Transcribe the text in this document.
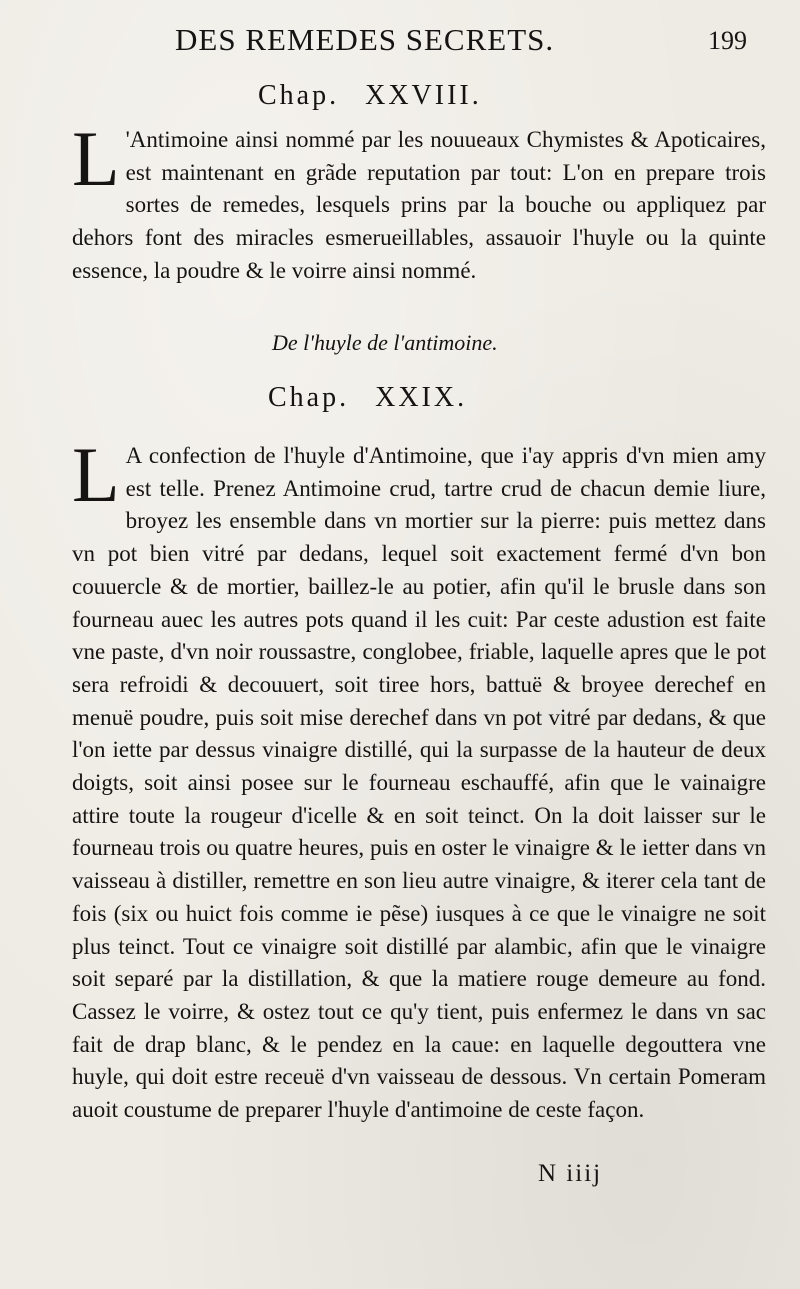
DES REMEDES SECRETS.	199
Chap. XXVIII.
L 'Antimoine ainsi nommé par les nouueaux Chymistes & Apoticaires, est maintenant en grãde reputation par tout: L'on en prepare trois sortes de remedes, lesquels prins par la bouche ou appliquez par dehors font des miracles esmerueillables, assauoir l'huyle ou la quinte essence, la poudre & le voirre ainsi nommé.
De l'huyle de l'antimoine.
Chap. XXIX.
L A confection de l'huyle d'Antimoine, que i'ay appris d'vn mien amy est telle. Prenez Antimoine crud, tartre crud de chacun demie liure, broyez les ensemble dans vn mortier sur la pierre: puis mettez dans vn pot bien vitré par dedans, lequel soit exactement fermé d'vn bon couuercle & de mortier, baillez-le au potier, afin qu'il le brusle dans son fourneau auec les autres pots quand il les cuit: Par ceste adustion est faite vne paste, d'vn noir roussastre, conglobee, friable, laquelle apres que le pot sera refroidi & decouuert, soit tiree hors, battuë & broyee derechef en menuë poudre, puis soit mise derechef dans vn pot vitré par dedans, & que l'on iette par dessus vinaigre distillé, qui la surpasse de la hauteur de deux doigts, soit ainsi posee sur le fourneau eschauffé, afin que le vainaigre attire toute la rougeur d'icelle & en soit teinct. On la doit laisser sur le fourneau trois ou quatre heures, puis en oster le vinaigre & le ietter dans vn vaisseau à distiller, remettre en son lieu autre vinaigre, & iterer cela tant de fois (six ou huict fois comme ie pẽse) iusques à ce que le vinaigre ne soit plus teinct. Tout ce vinaigre soit distillé par alambic, afin que le vinaigre soit separé par la distillation, & que la matiere rouge demeure au fond. Cassez le voirre, & ostez tout ce qu'y tient, puis enfermez le dans vn sac fait de drap blanc, & le pendez en la caue: en laquelle degouttera vne huyle, qui doit estre receuë d'vn vaisseau de dessous. Vn certain Pomeram auoit coustume de preparer l'huyle d'antimoine de ceste façon.
N iiij
